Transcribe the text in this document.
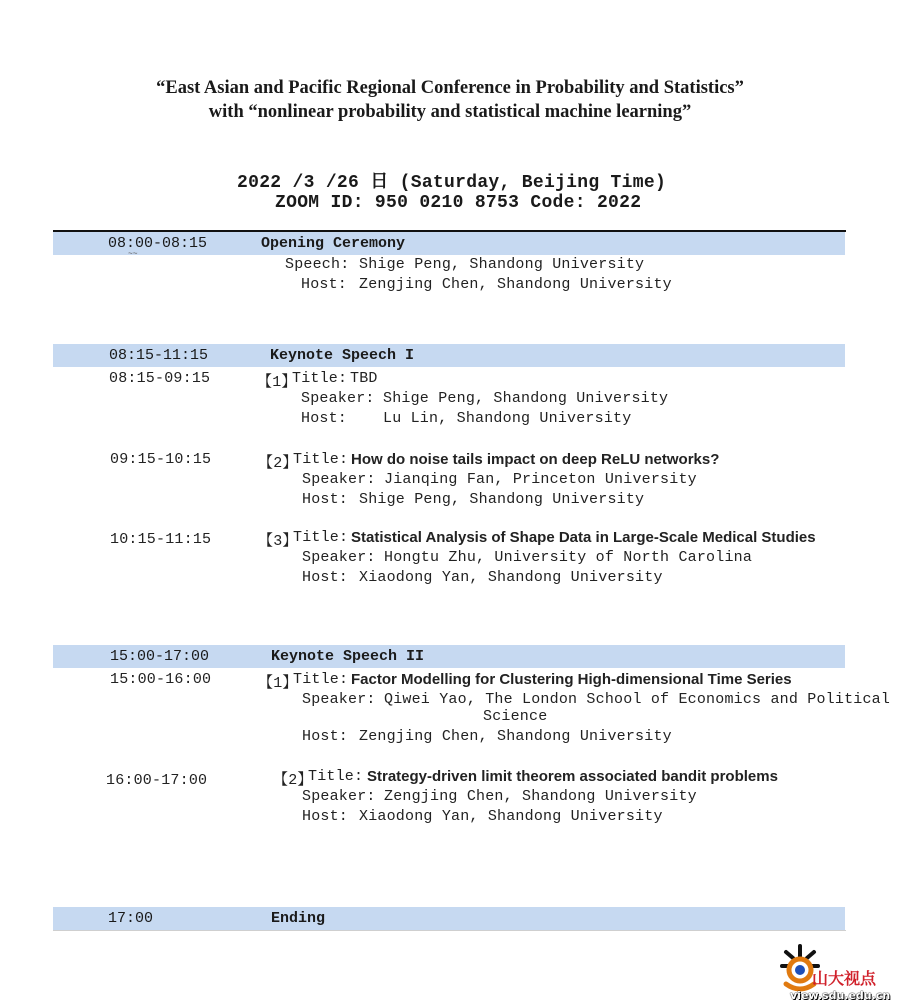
“East Asian and Pacific Regional Conference in Probability and Statistics”
with “nonlinear probability and statistical machine learning”
2022 /3 /26 日 (Saturday, Beijing Time)
ZOOM ID: 950 0210 8753 Code: 2022
08:00-08:15	Opening Ceremony
~~
Speech: Shige Peng, Shandong University
Host: Zengjing Chen, Shandong University
08:15-11:15	Keynote Speech I
08:15-09:15	【1】
Title: TBD
Speaker: Shige Peng, Shandong University
Host: Lu Lin, Shandong University
09:15-10:15	【2】
Title: How do noise tails impact on deep ReLU networks?
Speaker: Jianqing Fan, Princeton University
Host: Shige Peng, Shandong University
10:15-11:15	【3】
Title: Statistical Analysis of Shape Data in Large-Scale Medical Studies
Speaker: Hongtu Zhu, University of North Carolina
Host: Xiaodong Yan, Shandong University
15:00-17:00	Keynote Speech II
15:00-16:00	【1】
Title: Factor Modelling for Clustering High-dimensional Time Series
Speaker: Qiwei Yao, The London School of Economics and Political
Science
Host: Zengjing Chen, Shandong University
16:00-17:00	【2】
Title: Strategy-driven limit theorem associated bandit problems
Speaker: Zengjing Chen, Shandong University
Host: Xiaodong Yan, Shandong University
17:00	Ending
山大视点
view.sdu.edu.cn
